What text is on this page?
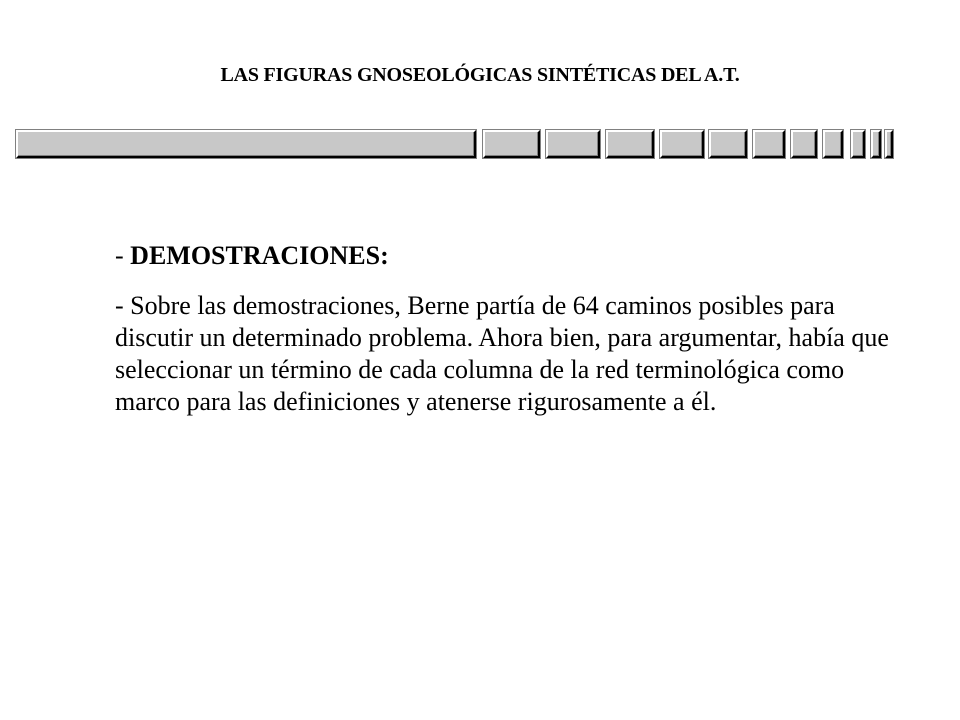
LAS FIGURAS GNOSEOLÓGICAS SINTÉTICAS DEL A.T.

- DEMOSTRACIONES:

- Sobre las demostraciones, Berne partía de 64 caminos posibles para discutir un determinado problema. Ahora bien, para argumentar, había que seleccionar un término de cada columna de la red terminológica como marco para las definiciones y atenerse rigurosamente a él.
